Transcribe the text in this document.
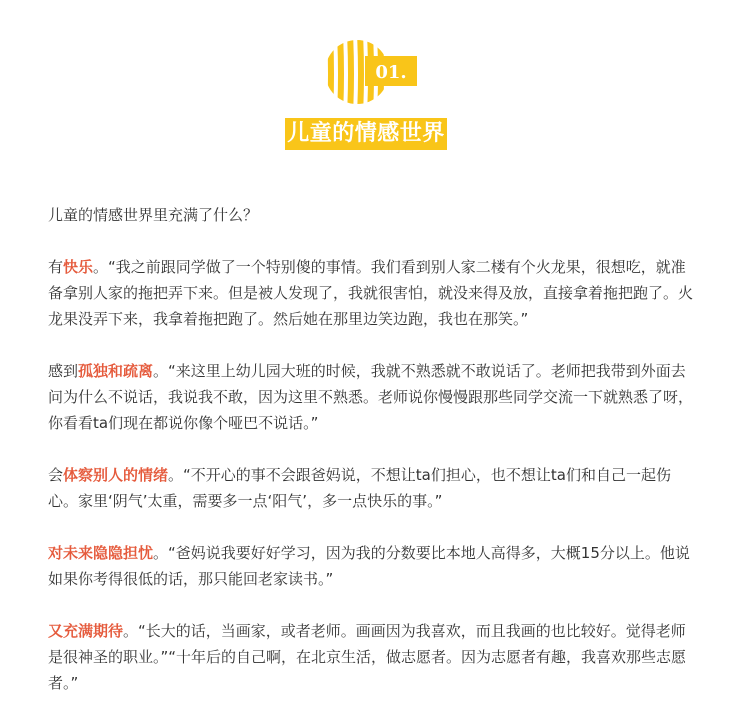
01.
儿童的情感世界

儿童的情感世界里充满了什么？

有快乐。“我之前跟同学做了一个特别傻的事情。我们看到别人家二楼有个火龙果，很想吃，就准备拿别人家的拖把弄下来。但是被人发现了，我就很害怕，就没来得及放，直接拿着拖把跑了。火龙果没弄下来，我拿着拖把跑了。然后她在那里边笑边跑，我也在那笑。”

感到孤独和疏离。“来这里上幼儿园大班的时候，我就不熟悉就不敢说话了。老师把我带到外面去问为什么不说话，我说我不敢，因为这里不熟悉。老师说你慢慢跟那些同学交流一下就熟悉了呀，你看看ta们现在都说你像个哑巴不说话。”

会体察别人的情绪。“不开心的事不会跟爸妈说，不想让ta们担心，也不想让ta们和自己一起伤心。家里‘阴气’太重，需要多一点‘阳气’，多一点快乐的事。”

对未来隐隐担忧。“爸妈说我要好好学习，因为我的分数要比本地人高得多，大概15分以上。他说如果你考得很低的话，那只能回老家读书。”

又充满期待。“长大的话，当画家，或者老师。画画因为我喜欢，而且我画的也比较好。觉得老师是很神圣的职业。”“十年后的自己啊，在北京生活，做志愿者。因为志愿者有趣，我喜欢那些志愿者。”
